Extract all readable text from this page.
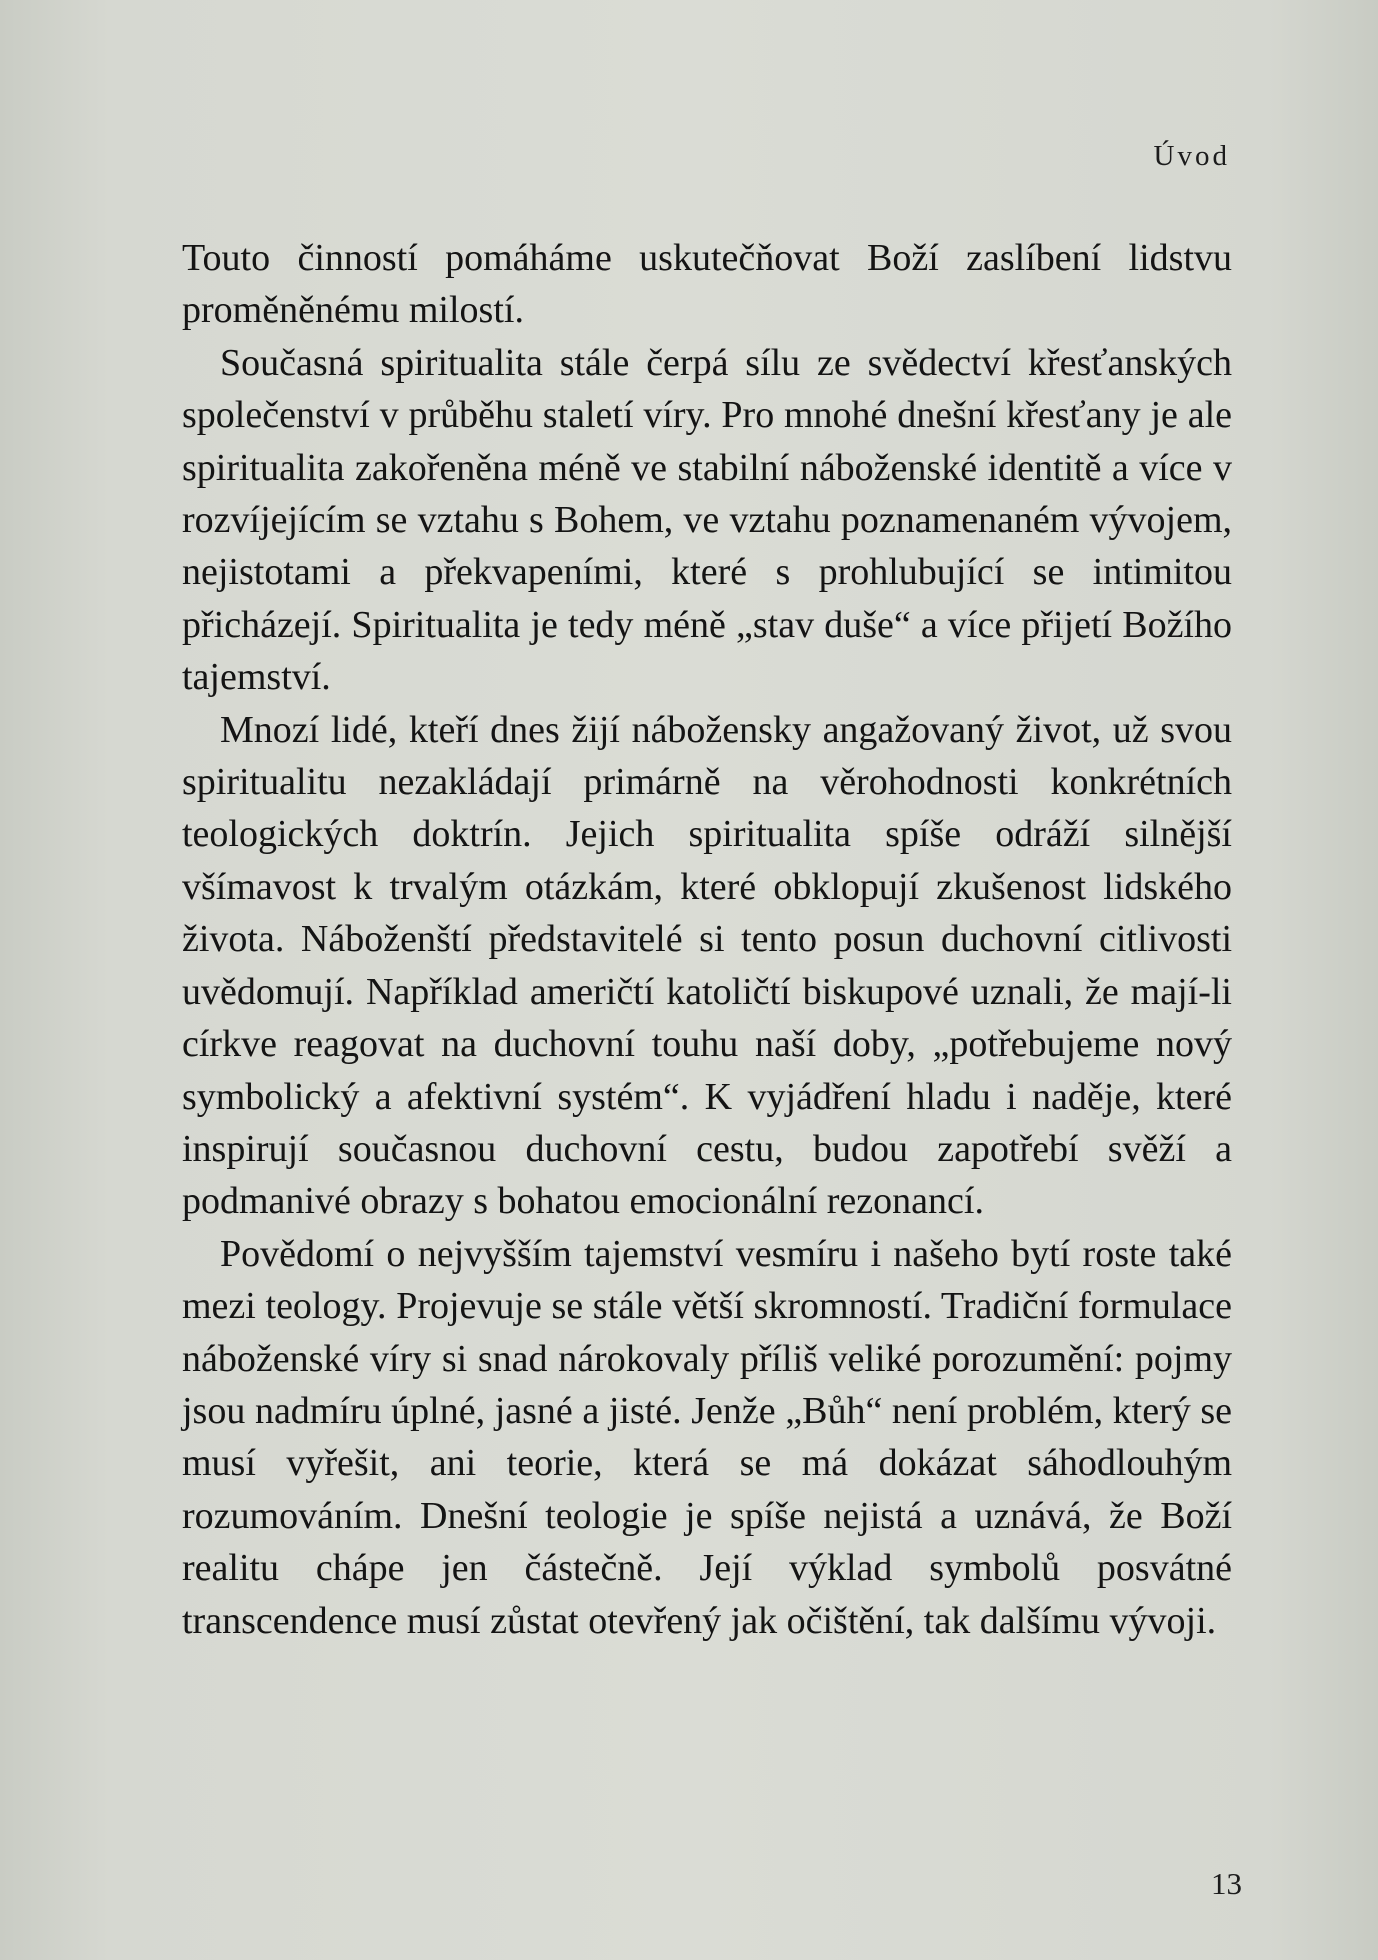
Úvod

Touto činností pomáháme uskutečňovat Boží zaslíbení lidstvu proměněnému milostí.

Současná spiritualita stále čerpá sílu ze svědectví křesťanských společenství v průběhu staletí víry. Pro mnohé dnešní křesťany je ale spiritualita zakořeněna méně ve stabilní náboženské identitě a více v rozvíjejícím se vztahu s Bohem, ve vztahu poznamenaném vývojem, nejistotami a překvapeními, které s prohlubující se intimitou přicházejí. Spiritualita je tedy méně „stav duše“ a více přijetí Božího tajemství.

Mnozí lidé, kteří dnes žijí nábožensky angažovaný život, už svou spiritualitu nezakládají primárně na věrohodnosti konkrétních teologických doktrín. Jejich spiritualita spíše odráží silnější všímavost k trvalým otázkám, které obklopují zkušenost lidského života. Náboženští představitelé si tento posun duchovní citlivosti uvědomují. Například američtí katoličtí biskupové uznali, že mají-li církve reagovat na duchovní touhu naší doby, „potřebujeme nový symbolický a afektivní systém“. K vyjádření hladu i naděje, které inspirují současnou duchovní cestu, budou zapotřebí svěží a podmanivé obrazy s bohatou emocionální rezonancí.

Povědomí o nejvyšším tajemství vesmíru i našeho bytí roste také mezi teology. Projevuje se stále větší skromností. Tradiční formulace náboženské víry si snad nárokovaly příliš veliké porozumění: pojmy jsou nadmíru úplné, jasné a jisté. Jenže „Bůh“ není problém, který se musí vyřešit, ani teorie, která se má dokázat sáhodlouhým rozumováním. Dnešní teologie je spíše nejistá a uznává, že Boží realitu chápe jen částečně. Její výklad symbolů posvátné transcendence musí zůstat otevřený jak očištění, tak dalšímu vývoji.

13
